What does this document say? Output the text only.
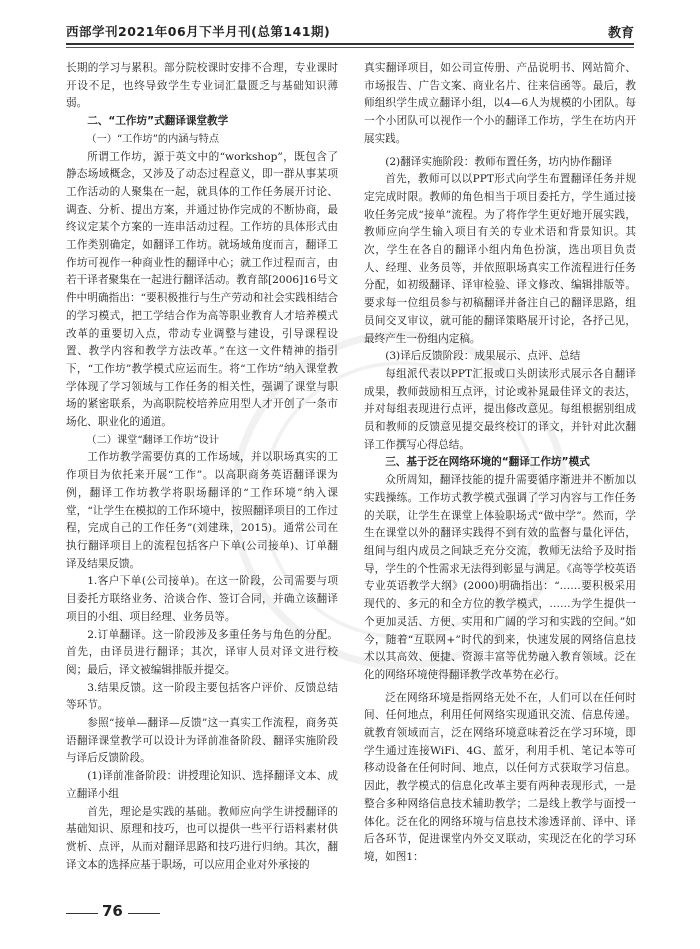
西部学刊2021年06月下半月刊(总第141期)	教育

长期的学习与累积。部分院校课时安排不合理，专业课时开设不足，也终导致学生专业词汇量匮乏与基础知识薄弱。

二、“工作坊”式翻译课堂教学
（一）“工作坊”的内涵与特点

所谓工作坊，源于英文中的“workshop”，既包含了静态场域概念，又涉及了动态过程意义，即一群从事某项工作活动的人聚集在一起，就具体的工作任务展开讨论、调查、分析、提出方案，并通过协作完成的不断协商，最终议定某个方案的一连串活动过程。工作坊的具体形式由工作类别确定，如翻译工作坊。就场域角度而言，翻译工作坊可视作一种商业性的翻译中心；就工作过程而言，由若干译者聚集在一起进行翻译活动。教育部[2006]16号文件中明确指出：“要积极推行与生产劳动和社会实践相结合的学习模式，把工学结合作为高等职业教育人才培养模式改革的重要切入点，带动专业调整与建设，引导课程设置、教学内容和教学方法改革。”在这一文件精神的指引下，“工作坊”教学模式应运而生。将“工作坊”纳入课堂教学体现了学习领域与工作任务的相关性，强调了课堂与职场的紧密联系，为高职院校培养应用型人才开创了一条市场化、职业化的通道。

（二）课堂“翻译工作坊”设计

工作坊教学需要仿真的工作场域，并以职场真实的工作项目为依托来开展“工作”。以高职商务英语翻译课为例，翻译工作坊教学将职场翻译的“工作环境”纳入课堂，“让学生在模拟的工作环境中，按照翻译项目的工作过程，完成自己的工作任务”(刘建珠，2015)。通常公司在执行翻译项目上的流程包括客户下单(公司接单)、订单翻译及结果反馈。

1.客户下单(公司接单)。在这一阶段，公司需要与项目委托方联络业务、洽谈合作、签订合同，并确立该翻译项目的小组、项目经理、业务员等。

2.订单翻译。这一阶段涉及多重任务与角色的分配。首先，由译员进行翻译；其次，译审人员对译文进行校阅；最后，译文被编辑排版并提交。

3.结果反馈。这一阶段主要包括客户评价、反馈总结等环节。

参照“接单—翻译—反馈”这一真实工作流程，商务英语翻译课堂教学可以设计为译前准备阶段、翻译实施阶段与译后反馈阶段。

(1)译前准备阶段：讲授理论知识、选择翻译文本、成立翻译小组

首先，理论是实践的基础。教师应向学生讲授翻译的基础知识、原理和技巧，也可以提供一些平行语料素材供赏析、点评，从而对翻译思路和技巧进行归纳。其次，翻译文本的选择应基于职场，可以应用企业对外承接的

真实翻译项目，如公司宣传册、产品说明书、网站简介、市场报告、广告文案、商业名片、往来信函等。最后，教师组织学生成立翻译小组，以4—6人为规模的小团队。每一个小团队可以视作一个小的翻译工作坊，学生在坊内开展实践。

(2)翻译实施阶段：教师布置任务，坊内协作翻译

首先，教师可以以PPT形式向学生布置翻译任务并规定完成时限。教师的角色相当于项目委托方，学生通过接收任务完成“接单”流程。为了将作学生更好地开展实践，教师应向学生输入项目有关的专业术语和背景知识。其次，学生在各自的翻译小组内角色扮演，选出项目负责人、经理、业务员等，并依照职场真实工作流程进行任务分配，如初级翻译、译审检验、译文修改、编辑排版等。要求每一位组员参与初稿翻译并备注自己的翻译思路，组员间交叉审议，就可能的翻译策略展开讨论，各抒己见，最终产生一份组内定稿。

(3)译后反馈阶段：成果展示、点评、总结

每组派代表以PPT汇报或口头朗读形式展示各自翻译成果，教师鼓励相互点评，讨论或补晁最佳译文的表达，并对每组表现进行点评，提出修改意见。每组根据别组成员和教师的反馈意见提交最终校订的译文，并针对此次翻译工作撰写心得总结。

三、基于泛在网络环境的“翻译工作坊”模式

众所周知，翻译技能的提升需要循序渐进并不断加以实践操练。工作坊式教学模式强调了学习内容与工作任务的关联，让学生在课堂上体验职场式“做中学”。然而，学生在课堂以外的翻译实践得不到有效的监督与量化评估，组间与组内成员之间缺乏充分交流，教师无法给予及时指导，学生的个性需求无法得到彰显与满足。《高等学校英语专业英语教学大纲》(2000)明确指出：“……要积极采用现代的、多元的和全方位的教学模式，……为学生提供一个更加灵活、方便、实用和广阔的学习和实践的空间。”如今，随着“互联网+”时代的到来，快速发展的网络信息技术以其高效、便捷、资源丰富等优势融入教育领域。泛在化的网络环境使得翻译教学改革势在必行。

泛在网络环境是指网络无处不在，人们可以在任何时间、任何地点，利用任何网络实现通讯交流、信息传递。就教育领域而言，泛在网络环境意味着泛在学习环境，即学生通过连接WiFi、4G、蓝牙，利用手机、笔记本等可移动设备在任何时间、地点，以任何方式获取学习信息。因此，教学模式的信息化改革主要有两种表现形式，一是整合多种网络信息技术辅助教学；二是线上教学与面授一体化。泛在化的网络环境与信息技术渗透译前、译中、译后各环节，促进课堂内外交叉联动，实现泛在化的学习环境，如图1：

76
